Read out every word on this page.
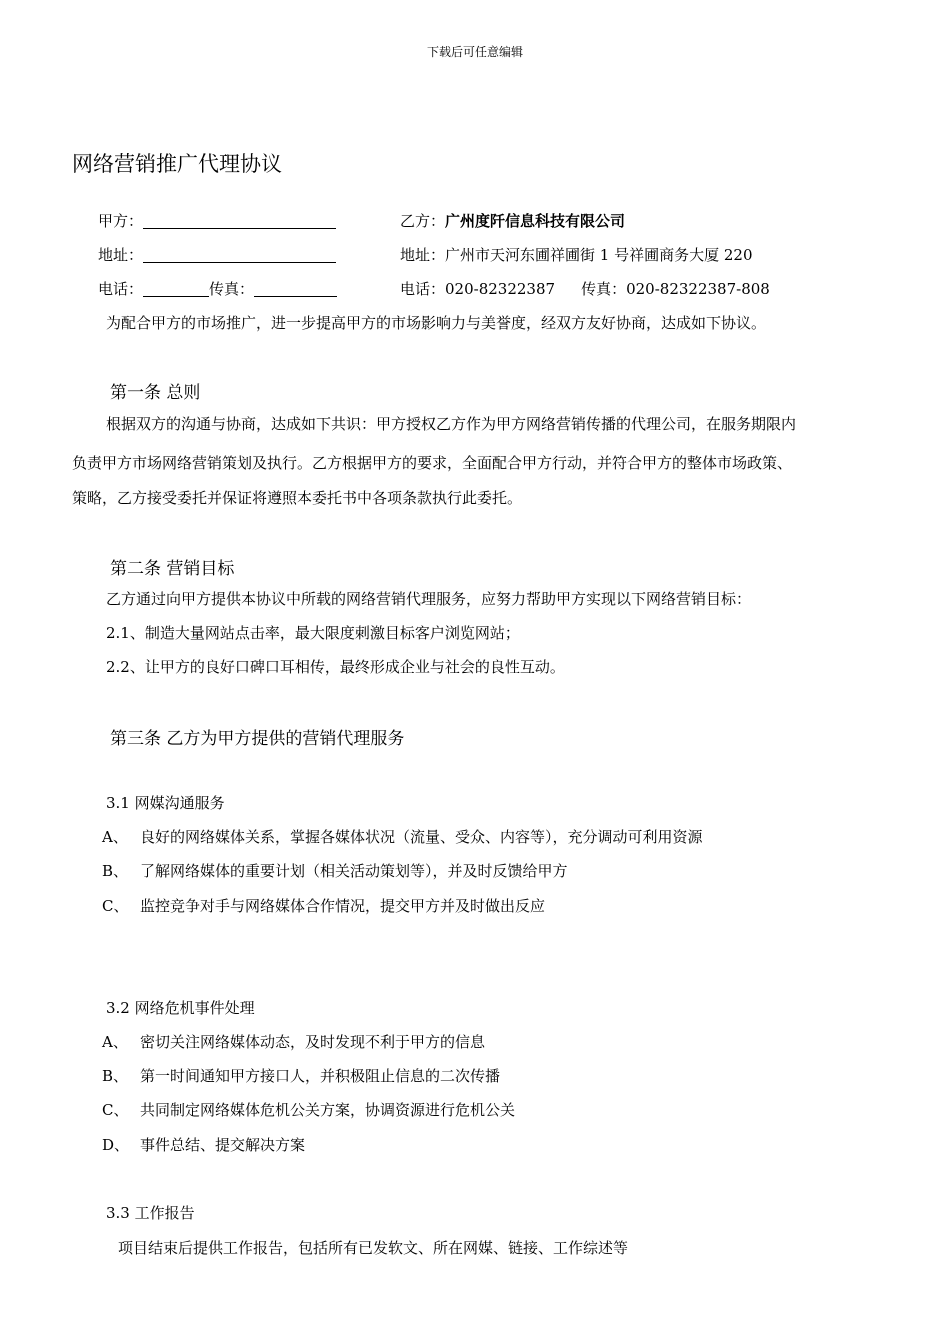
下载后可任意编辑
网络营销推广代理协议
甲方：
地址：
电话：	传真：
乙方：广州度阡信息科技有限公司
地址：广州市天河东圃祥圃街 1 号祥圃商务大厦 220
电话：020-82322387 传真：020-82322387-808
为配合甲方的市场推广，进一步提高甲方的市场影响力与美誉度，经双方友好协商，达成如下协议。
第一条 总则
根据双方的沟通与协商，达成如下共识：甲方授权乙方作为甲方网络营销传播的代理公司，在服务期限内
负责甲方市场网络营销策划及执行。乙方根据甲方的要求，全面配合甲方行动，并符合甲方的整体市场政策、
策略，乙方接受委托并保证将遵照本委托书中各项条款执行此委托。
第二条 营销目标
乙方通过向甲方提供本协议中所载的网络营销代理服务，应努力帮助甲方实现以下网络营销目标：
2.1、制造大量网站点击率，最大限度刺激目标客户浏览网站；
2.2、让甲方的良好口碑口耳相传，最终形成企业与社会的良性互动。
第三条 乙方为甲方提供的营销代理服务
3.1 网媒沟通服务
A、 良好的网络媒体关系，掌握各媒体状况（流量、受众、内容等），充分调动可利用资源
B、 了解网络媒体的重要计划（相关活动策划等），并及时反馈给甲方
C、 监控竞争对手与网络媒体合作情况，提交甲方并及时做出反应
3.2 网络危机事件处理
A、 密切关注网络媒体动态，及时发现不利于甲方的信息
B、 第一时间通知甲方接口人，并积极阻止信息的二次传播
C、 共同制定网络媒体危机公关方案，协调资源进行危机公关
D、 事件总结、提交解决方案
3.3 工作报告
项目结束后提供工作报告，包括所有已发软文、所在网媒、链接、工作综述等
